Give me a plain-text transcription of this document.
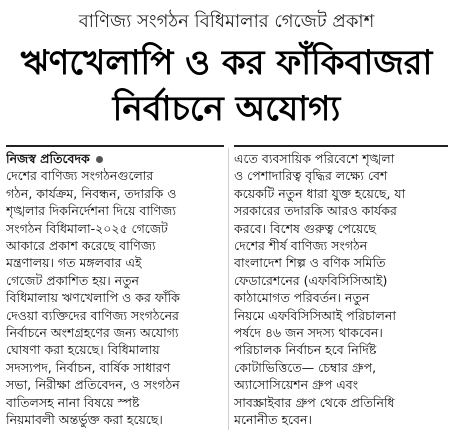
বাণিজ্য সংগঠন বিধিমালার গেজেট প্রকাশ
ঋণখেলাপি ও কর ফাঁকিবাজরা
নির্বাচনে অযোগ্য
নিজস্ব প্রতিবেদক
দেশের বাণিজ্য সংগঠনগুলোর
গঠন, কার্যক্রম, নিবন্ধন, তদারকি ও
শৃঙ্খলার দিকনির্দেশনা দিয়ে বাণিজ্য
সংগঠন বিধিমালা-২০২৫ গেজেট
আকারে প্রকাশ করেছে বাণিজ্য
মন্ত্রণালয়। গত মঙ্গলবার এই
গেজেট প্রকাশিত হয়। নতুন
বিধিমালায় ঋণখেলাপি ও কর ফাঁকি
দেওয়া ব্যক্তিদের বাণিজ্য সংগঠনের
নির্বাচনে অংশগ্রহণের জন্য অযোগ্য
ঘোষণা করা হয়েছে। বিধিমালায়
সদস্যপদ, নির্বাচন, বার্ষিক সাধারণ
সভা, নিরীক্ষা প্রতিবেদন, ও সংগঠন
বাতিলসহ নানা বিষয়ে স্পষ্ট
নিয়মাবলী অন্তর্ভুক্ত করা হয়েছে।
এতে ব্যবসায়িক পরিবেশে শৃঙ্খলা
ও পেশাদারিত্ব বৃদ্ধির লক্ষ্যে বেশ
কয়েকটি নতুন ধারা যুক্ত হয়েছে, যা
সরকারের তদারকি আরও কার্যকর
করবে। বিশেষ গুরুত্ব পেয়েছে
দেশের শীর্ষ বাণিজ্য সংগঠন
বাংলাদেশ শিল্প ও বণিক সমিতি
ফেডারেশনের (এফবিসিসিআই)
কাঠামোগত পরিবর্তন। নতুন
নিয়মে এফবিসিসিআই পরিচালনা
পর্ষদে ৪৬ জন সদস্য থাকবেন।
পরিচালক নির্বাচন হবে নির্দিষ্ট
কোটাভিত্তিতে— চেম্বার গ্রুপ,
অ্যাসোসিয়েশন গ্রুপ এবং
সাবস্ক্রাইবার গ্রুপ থেকে প্রতিনিধি
মনোনীত হবেন।
